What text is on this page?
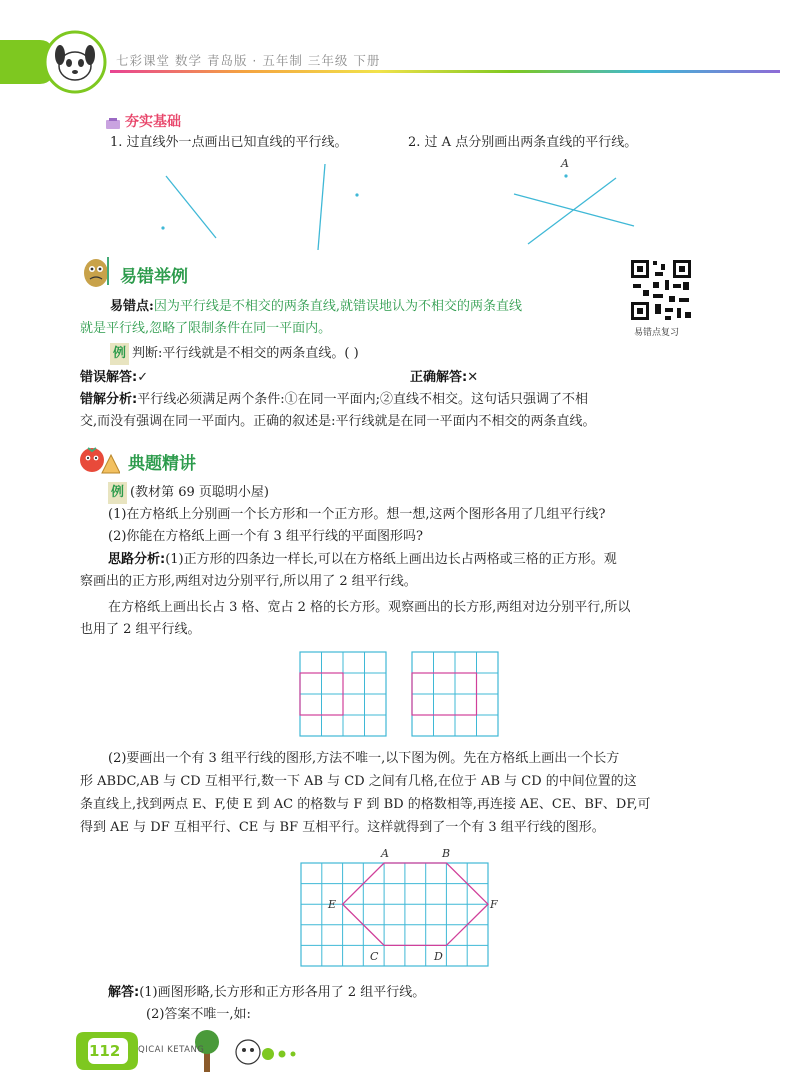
七彩课堂 数学 青岛版 · 五年制 三年级 下册
夯实基础
1. 过直线外一点画出已知直线的平行线。	2. 过 A 点分别画出两条直线的平行线。
A
易错举例
易错点复习
易错点:因为平行线是不相交的两条直线,就错误地认为不相交的两条直线
就是平行线,忽略了限制条件在同一平面内。
例 判断:平行线就是不相交的两条直线。( )
错误解答:✓	正确解答:✕
错解分析:平行线必须满足两个条件:①在同一平面内;②直线不相交。这句话只强调了不相
交,而没有强调在同一平面内。正确的叙述是:平行线就是在同一平面内不相交的两条直线。
典题精讲
例 (教材第 69 页聪明小屋)
(1)在方格纸上分别画一个长方形和一个正方形。想一想,这两个图形各用了几组平行线?
(2)你能在方格纸上画一个有 3 组平行线的平面图形吗?
思路分析:(1)正方形的四条边一样长,可以在方格纸上画出边长占两格或三格的正方形。观
察画出的正方形,两组对边分别平行,所以用了 2 组平行线。
在方格纸上画出长占 3 格、宽占 2 格的长方形。观察画出的长方形,两组对边分别平行,所以
也用了 2 组平行线。
(2)要画出一个有 3 组平行线的图形,方法不唯一,以下图为例。先在方格纸上画出一个长方
形 ABDC,AB 与 CD 互相平行,数一下 AB 与 CD 之间有几格,在位于 AB 与 CD 的中间位置的这
条直线上,找到两点 E、F,使 E 到 AC 的格数与 F 到 BD 的格数相等,再连接 AE、CE、BF、DF,可
得到 AE 与 DF 互相平行、CE 与 BF 互相平行。这样就得到了一个有 3 组平行线的图形。
A	B
E	F
C	D
解答:(1)画图形略,长方形和正方形各用了 2 组平行线。
(2)答案不唯一,如:
112 QICAI KETANG
